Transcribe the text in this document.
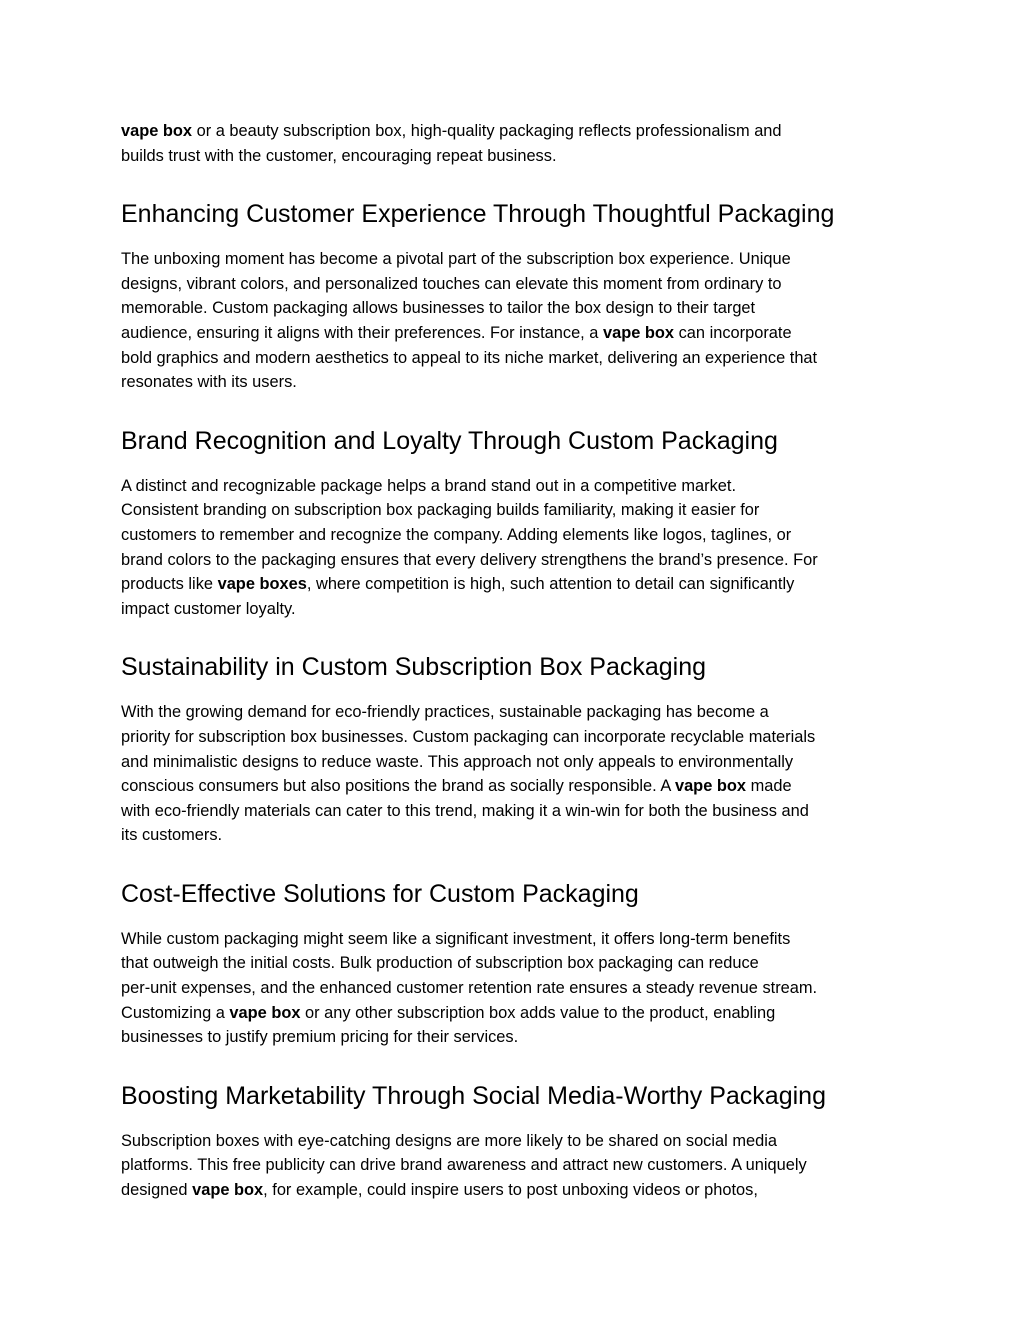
vape box or a beauty subscription box, high-quality packaging reflects professionalism and

builds trust with the customer, encouraging repeat business.

Enhancing Customer Experience Through Thoughtful Packaging

The unboxing moment has become a pivotal part of the subscription box experience. Unique

designs, vibrant colors, and personalized touches can elevate this moment from ordinary to

memorable. Custom packaging allows businesses to tailor the box design to their target

audience, ensuring it aligns with their preferences. For instance, a vape box can incorporate

bold graphics and modern aesthetics to appeal to its niche market, delivering an experience that

resonates with its users.

Brand Recognition and Loyalty Through Custom Packaging

A distinct and recognizable package helps a brand stand out in a competitive market.

Consistent branding on subscription box packaging builds familiarity, making it easier for

customers to remember and recognize the company. Adding elements like logos, taglines, or

brand colors to the packaging ensures that every delivery strengthens the brand’s presence. For

products like vape boxes, where competition is high, such attention to detail can significantly

impact customer loyalty.

Sustainability in Custom Subscription Box Packaging

With the growing demand for eco-friendly practices, sustainable packaging has become a

priority for subscription box businesses. Custom packaging can incorporate recyclable materials

and minimalistic designs to reduce waste. This approach not only appeals to environmentally

conscious consumers but also positions the brand as socially responsible. A vape box made

with eco-friendly materials can cater to this trend, making it a win-win for both the business and

its customers.

Cost-Effective Solutions for Custom Packaging

While custom packaging might seem like a significant investment, it offers long-term benefits

that outweigh the initial costs. Bulk production of subscription box packaging can reduce

per-unit expenses, and the enhanced customer retention rate ensures a steady revenue stream.

Customizing a vape box or any other subscription box adds value to the product, enabling

businesses to justify premium pricing for their services.

Boosting Marketability Through Social Media-Worthy Packaging

Subscription boxes with eye-catching designs are more likely to be shared on social media

platforms. This free publicity can drive brand awareness and attract new customers. A uniquely

designed vape box, for example, could inspire users to post unboxing videos or photos,
